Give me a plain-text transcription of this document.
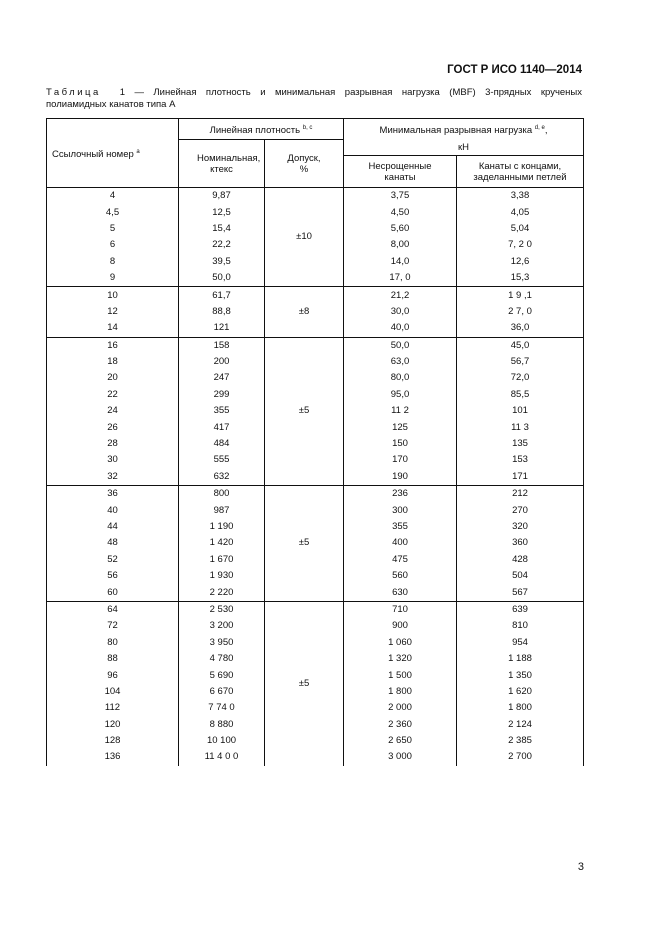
ГОСТ Р ИСО 1140—2014
Таблица 1 — Линейная плотность и минимальная разрывная нагрузка (MBF) 3-прядных крученых
полиамидных канатов типа А
Ссылочный номер $^a$	Линейная плотность $^{b, c}$		Минимальная разрывная нагрузка $^{d, e}$,	
	Номинальная, ктекс	Допуск, %	кН	
			Несрощенные канаты	Канаты с концами, заделанными петлей
4	9,87	±10	3,75	3,38
4,5	12,5		4,50	4,05
5	15,4		5,60	5,04
6	22,2		8,00	7, 2 0
8	39,5		14,0	12,6
9	50,0		17, 0	15,3
10	61,7	±8	21,2	1 9 ,1
12	88,8		30,0	2 7, 0
14	121		40,0	36,0
16	158	±5	50,0	45,0
18	200		63,0	56,7
20	247		80,0	72,0
22	299		95,0	85,5
24	355		11 2	101
26	417		125	11 3
28	484		150	135
30	555		170	153
32	632		190	171
36	800	±5	236	212
40	987		300	270
44	1 190		355	320
48	1 420		400	360
52	1 670		475	428
56	1 930		560	504
60	2 220		630	567
64	2 530	±5	710	639
72	3 200		900	810
80	3 950		1 060	954
88	4 780		1 320	1 188
96	5 690		1 500	1 350
104	6 670		1 800	1 620
112	7 74 0		2 000	1 800
120	8 880		2 360	2 124
128	10 100		2 650	2 385
136	11 4 0 0		3 000	2 700
3
